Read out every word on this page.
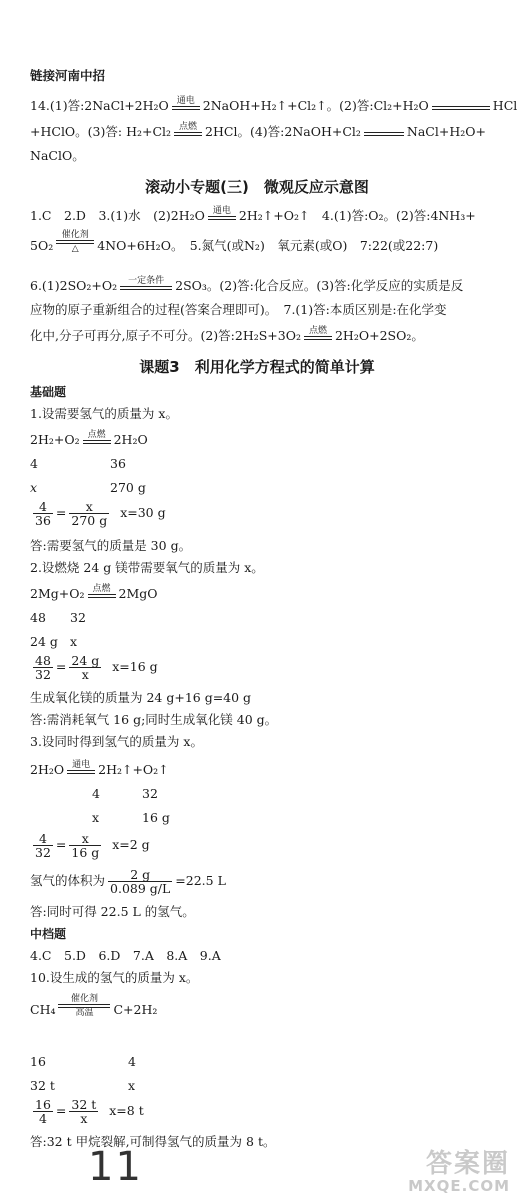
链接河南中招
14.(1)答:2NaCl+2H₂O 通电 2NaOH+H₂↑+Cl₂↑。(2)答:Cl₂+H₂O
	HCl
+HClO。(3)答: H₂+Cl₂ 点燃 2HCl。(4)答:2NaOH+Cl₂
	NaCl+H₂O+
NaClO。
滚动小专题(三)　微观反应示意图
1.C　2.D　3.(1)水　(2)2H₂O 通电 2H₂↑+O₂↑　4.(1)答:O₂。(2)答:4NH₃+
5O₂
催化剂
△	4NO+6H₂O。　5.氮气(或N₂)　氧元素(或O)　7:22(或22:7)
6.(1)2SO₂+O₂	一定条件 2SO₃。(2)答:化合反应。(3)答:化学反应的实质是反
应物的原子重新组合的过程(答案合理即可)。　7.(1)答:本质区别是:在化学变
化中,分子可再分,原子不可分。(2)答:2H₂S+3O₂ 点燃 2H₂O+2SO₂。
课题3　利用化学方程式的简单计算
基础题
1.设需要氢气的质量为 x。
2H₂+O₂ 点燃 2H₂O
4	36
x	270 g
$\frac{4}{36} = \frac{x}{270 g} x=30$ g
答:需要氢气的质量是 30 g。
2.设燃烧 24 g 镁带需要氧气的质量为 x。
2Mg+O₂ 点燃 2MgO
48 32
24 g x
$\frac{48}{32} = \frac{24 g}{x} x=16$ g
生成氧化镁的质量为 24 g+16 g=40 g
答:需消耗氧气 16 g;同时生成氧化镁 40 g。
3.设同时得到氢气的质量为 x。
2H₂O 通电 2H₂↑+O₂↑
4	32
x	16 g
$\frac{4}{32} = \frac{x}{16 g} x=2$ g
氢气的体积为 $\frac{2 g}{0.089 g/L} =22.5$ L
答:同时可得 22.5 L 的氢气。
中档题
4.C　5.D　6.D　7.A　8.A　9.A
10.设生成的氢气的质量为 x。
CH₄
催化剂
高温	C+2H₂
16	4
32 t	x
$\frac{16}{4} = \frac{32 t}{x} x=8$ t
答:32 t 甲烷裂解,可制得氢气的质量为 8 t。
11	答案圈
MXQE.COM
